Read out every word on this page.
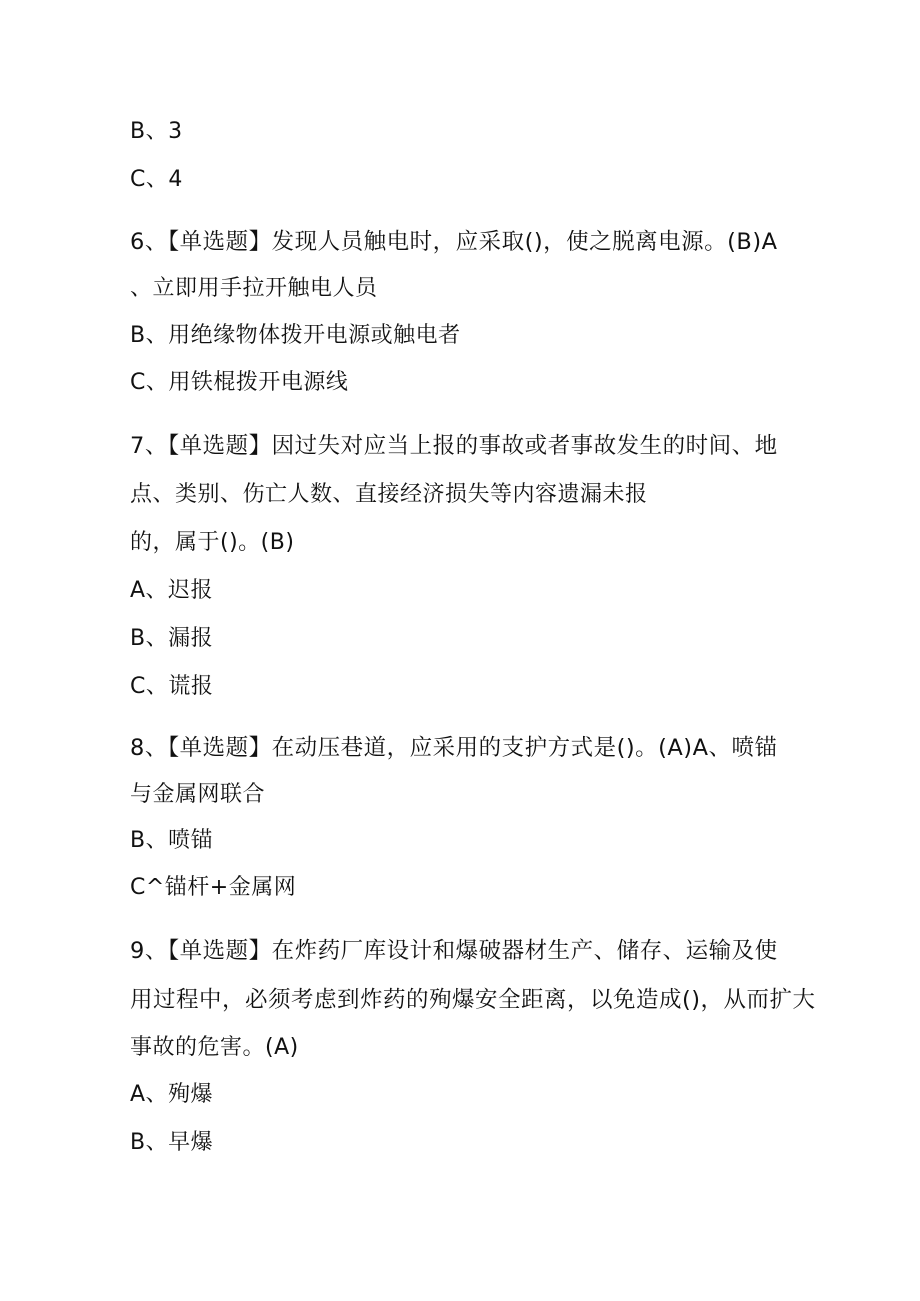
B、3
C、4
6、【单选题】发现人员触电时，应采取()，使之脱离电源。(B)A
、立即用手拉开触电人员
B、用绝缘物体拨开电源或触电者
C、用铁棍拨开电源线
7、【单选题】因过失对应当上报的事故或者事故发生的时间、地
点、类别、伤亡人数、直接经济损失等内容遗漏未报
的，属于()。(B)
A、迟报
B、漏报
C、谎报
8、【单选题】在动压巷道，应采用的支护方式是()。(A)A、喷锚
与金属网联合
B、喷锚
C^锚杆+金属网
9、【单选题】在炸药厂库设计和爆破器材生产、储存、运输及使
用过程中，必须考虑到炸药的殉爆安全距离，以免造成()，从而扩大
事故的危害。(A)
A、殉爆
B、早爆
